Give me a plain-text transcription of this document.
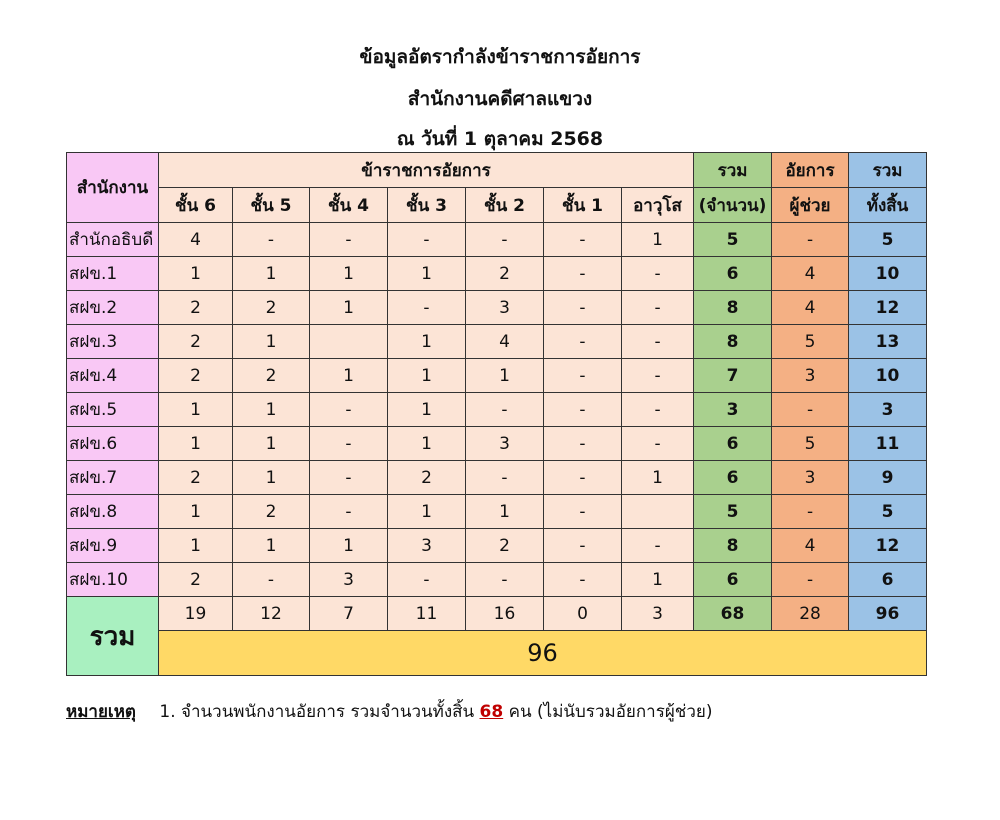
ข้อมูลอัตรากำลังข้าราชการอัยการ
สำนักงานคดีศาลแขวง
ณ วันที่ 1 ตุลาคม 2568
สำนักงาน	ข้าราชการอัยการ							รวม	อัยการ	รวม
	ชั้น 6	ชั้น 5	ชั้น 4	ชั้น 3	ชั้น 2	ชั้น 1	อาวุโส	(จำนวน)	ผู้ช่วย	ทั้งสิ้น
สำนักอธิบดี	4	-	-	-	-	-	1	5	-	5
สฝข.1	1	1	1	1	2	-	-	6	4	10
สฝข.2	2	2	1	-	3	-	-	8	4	12
สฝข.3	2	1		1	4	-	-	8	5	13
สฝข.4	2	2	1	1	1	-	-	7	3	10
สฝข.5	1	1	-	1	-	-	-	3	-	3
สฝข.6	1	1	-	1	3	-	-	6	5	11
สฝข.7	2	1	-	2	-	-	1	6	3	9
สฝข.8	1	2	-	1	1	-		5	-	5
สฝข.9	1	1	1	3	2	-	-	8	4	12
สฝข.10	2	-	3	-	-	-	1	6	-	6
รวม	19	12	7	11	16	0	3	68	28	96
	96									
หมายเหตุ 1. จำนวนพนักงานอัยการ รวมจำนวนทั้งสิ้น 68 คน (ไม่นับรวมอัยการผู้ช่วย)
